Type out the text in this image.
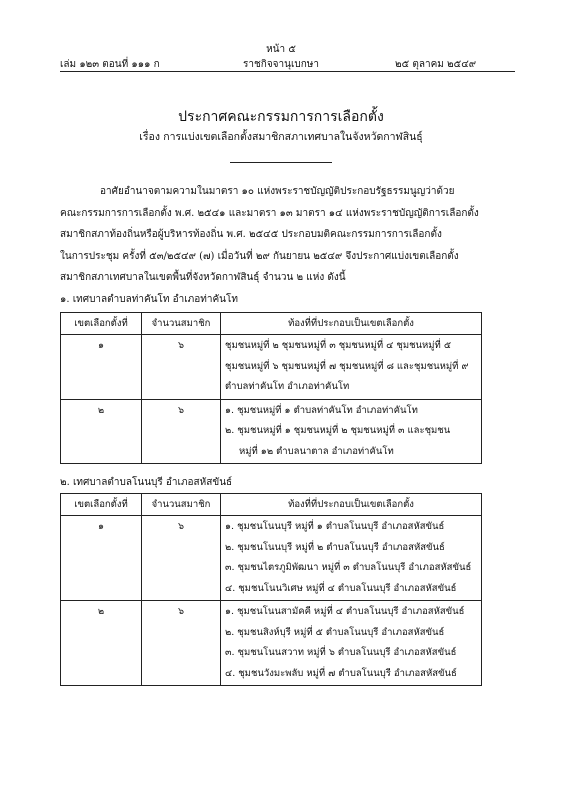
หน้า ๕
เล่ม ๑๒๓ ตอนที่ ๑๑๑ ก	ราชกิจจานุเบกษา	๒๕ ตุลาคม ๒๕๔๙
ประกาศคณะกรรมการการเลือกตั้ง
เรื่อง การแบ่งเขตเลือกตั้งสมาชิกสภาเทศบาลในจังหวัดกาฬสินธุ์

อาศัยอำนาจตามความในมาตรา ๑๐ แห่งพระราชบัญญัติประกอบรัฐธรรมนูญว่าด้วย
คณะกรรมการการเลือกตั้ง พ.ศ. ๒๕๔๑ และมาตรา ๑๓ มาตรา ๑๔ แห่งพระราชบัญญัติการเลือกตั้ง
สมาชิกสภาท้องถิ่นหรือผู้บริหารท้องถิ่น พ.ศ. ๒๕๔๕ ประกอบมติคณะกรรมการการเลือกตั้ง
ในการประชุม ครั้งที่ ๕๓/๒๕๔๙ (๗) เมื่อวันที่ ๒๙ กันยายน ๒๕๔๙ จึงประกาศแบ่งเขตเลือกตั้ง
สมาชิกสภาเทศบาลในเขตพื้นที่จังหวัดกาฬสินธุ์ จำนวน ๒ แห่ง ดังนี้

๑. เทศบาลตำบลท่าคันโท อำเภอท่าคันโท
เขตเลือกตั้งที่	จำนวนสมาชิก	ท้องที่ที่ประกอบเป็นเขตเลือกตั้ง
๑	๖	ชุมชนหมู่ที่ ๒ ชุมชนหมู่ที่ ๓ ชุมชนหมู่ที่ ๔ ชุมชนหมู่ที่ ๕
ชุมชนหมู่ที่ ๖ ชุมชนหมู่ที่ ๗ ชุมชนหมู่ที่ ๘ และชุมชนหมู่ที่ ๙
ตำบลท่าคันโท อำเภอท่าคันโท

๒	๖	๑. ชุมชนหมู่ที่ ๑ ตำบลท่าคันโท อำเภอท่าคันโท
๒. ชุมชนหมู่ที่ ๑ ชุมชนหมู่ที่ ๒ ชุมชนหมู่ที่ ๓ และชุมชน
หมู่ที่ ๑๒ ตำบลนาตาล อำเภอท่าคันโท
๒. เทศบาลตำบลโนนบุรี อำเภอสหัสขันธ์
เขตเลือกตั้งที่	จำนวนสมาชิก	ท้องที่ที่ประกอบเป็นเขตเลือกตั้ง
๑	๖	๑. ชุมชนโนนบุรี หมู่ที่ ๑ ตำบลโนนบุรี อำเภอสหัสขันธ์
๒. ชุมชนโนนบุรี หมู่ที่ ๒ ตำบลโนนบุรี อำเภอสหัสขันธ์
๓. ชุมชนไตรภูมิพัฒนา หมู่ที่ ๓ ตำบลโนนบุรี อำเภอสหัสขันธ์
๔. ชุมชนโนนวิเศษ หมู่ที่ ๔ ตำบลโนนบุรี อำเภอสหัสขันธ์

๒	๖	๑. ชุมชนโนนสามัคคี หมู่ที่ ๔ ตำบลโนนบุรี อำเภอสหัสขันธ์
๒. ชุมชนสิงห์บุรี หมู่ที่ ๕ ตำบลโนนบุรี อำเภอสหัสขันธ์
๓. ชุมชนโนนสวาท หมู่ที่ ๖ ตำบลโนนบุรี อำเภอสหัสขันธ์
๔. ชุมชนวังมะพลับ หมู่ที่ ๗ ตำบลโนนบุรี อำเภอสหัสขันธ์
